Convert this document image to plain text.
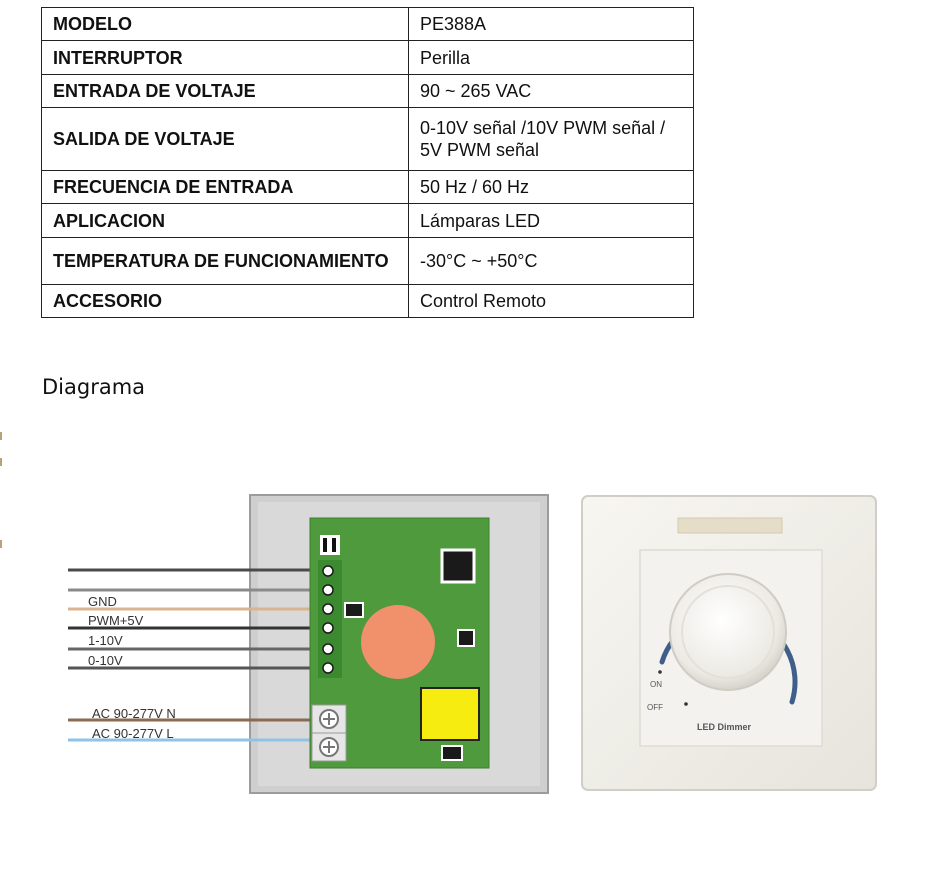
MODELO	PE388A
INTERRUPTOR	Perilla
ENTRADA DE VOLTAJE	90 ~ 265 VAC
SALIDA DE VOLTAJE	0-10V señal /10V PWM señal / 5V PWM señal
FRECUENCIA DE ENTRADA	50 Hz / 60 Hz
APLICACION	Lámparas LED
TEMPERATURA DE FUNCIONAMIENTO	-30°C ~ +50°C
ACCESORIO	Control Remoto
Diagrama
GND
PWM+5V
1-10V
0-10V
AC 90-277V N
AC 90-277V L
ON
OFF
LED Dimmer
